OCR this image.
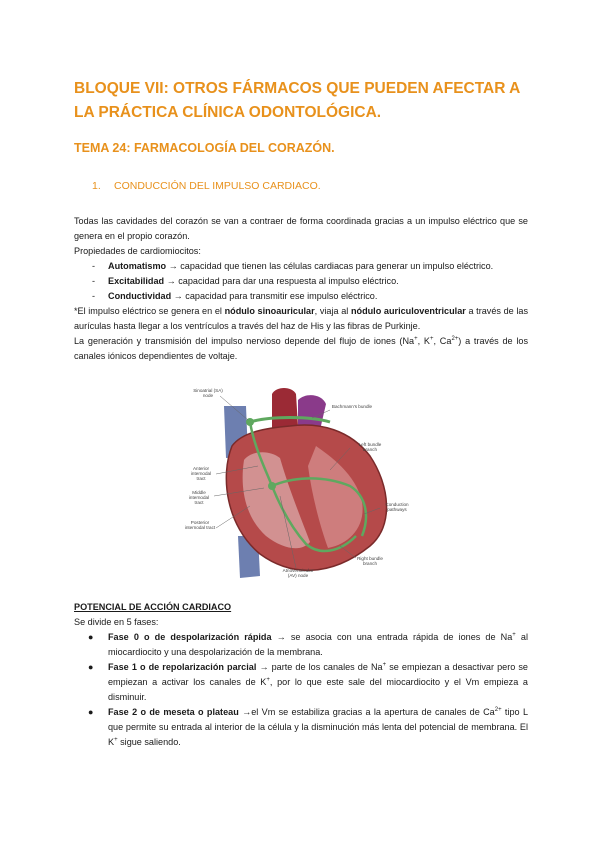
BLOQUE VII: OTROS FÁRMACOS QUE PUEDEN AFECTAR A LA PRÁCTICA CLÍNICA ODONTOLÓGICA.
TEMA 24: FARMACOLOGÍA DEL CORAZÓN.
1. CONDUCCIÓN DEL IMPULSO CARDIACO.

Todas las cavidades del corazón se van a contraer de forma coordinada gracias a un impulso eléctrico que se genera en el propio corazón.

Propiedades de cardiomiocitos:

- Automatismo → capacidad que tienen las células cardiacas para generar un impulso eléctrico.
- Excitabilidad → capacidad para dar una respuesta al impulso eléctrico.
- Conductividad → capacidad para transmitir ese impulso eléctrico.

*El impulso eléctrico se genera en el nódulo sinoauricular, viaja al nódulo auriculoventricular a través de las aurículas hasta llegar a los ventrículos a través del haz de His y las fibras de Purkinje.

La generación y transmisión del impulso nervioso depende del flujo de iones (Na+, K+, $Ca^{2+}$) a través de los canales iónicos dependientes de voltaje.

Sinoatrial (SA) node
Bachmann's bundle
Left bundle branch
Anterior internodal tract
Middle internodal tract
Posterior internodal tract
Conduction pathways
Right bundle branch
Atrioventricular (AV) node

POTENCIAL DE ACCIÓN CARDIACO

Se divide en 5 fases:

● Fase 0 o de despolarización rápida → se asocia con una entrada rápida de iones de Na+ al miocardiocito y una despolarización de la membrana.
● Fase 1 o de repolarización parcial → parte de los canales de Na+ se empiezan a desactivar pero se empiezan a activar los canales de K+, por lo que este sale del miocardiocito y el Vm empieza a disminuir.
● Fase 2 o de meseta o plateau →el Vm se estabiliza gracias a la apertura de canales de $Ca^{2+}$ tipo L que permite su entrada al interior de la célula y la disminución más lenta del potencial de membrana. El K+ sigue saliendo.
